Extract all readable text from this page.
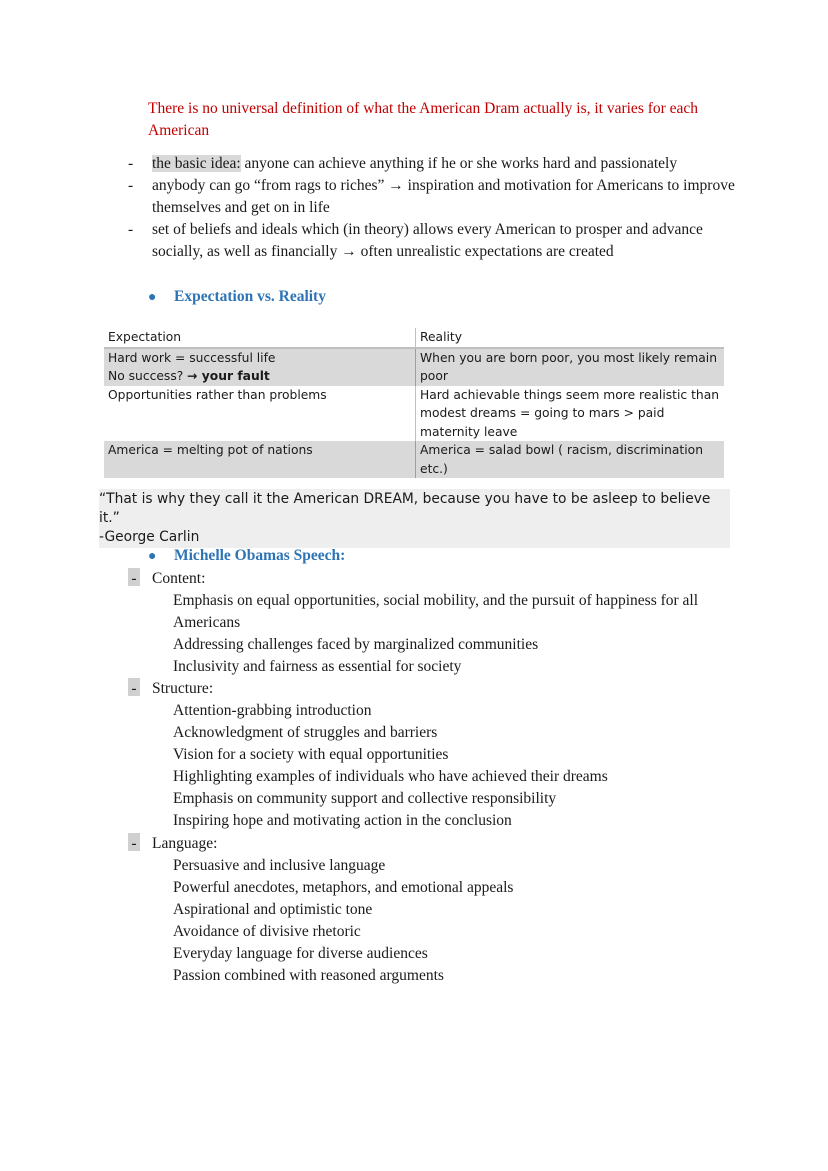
There is no universal definition of what the American Dram actually is, it varies for each American
-	the basic idea: anyone can achieve anything if he or she works hard and passionately
-	anybody can go “from rags to riches” → inspiration and motivation for Americans to improve themselves and get on in life
-	set of beliefs and ideals which (in theory) allows every American to prosper and advance socially, as well as financially → often unrealistic expectations are created
● Expectation vs. Reality
Expectation	Reality

Hard work = successful life
No success? → your fault	When you are born poor, you most likely remain poor
Opportunities rather than problems	Hard achievable things seem more realistic than modest dreams = going to mars > paid maternity leave
America = melting pot of nations	America = salad bowl ( racism, discrimination etc.)
“That is why they call it the American DREAM, because you have to be asleep to believe it.”
-George Carlin
● Michelle Obamas Speech:
- Content:
Emphasis on equal opportunities, social mobility, and the pursuit of happiness for all Americans
Addressing challenges faced by marginalized communities
Inclusivity and fairness as essential for society
- Structure:
Attention-grabbing introduction
Acknowledgment of struggles and barriers
Vision for a society with equal opportunities
Highlighting examples of individuals who have achieved their dreams
Emphasis on community support and collective responsibility
Inspiring hope and motivating action in the conclusion
- Language:
Persuasive and inclusive language
Powerful anecdotes, metaphors, and emotional appeals
Aspirational and optimistic tone
Avoidance of divisive rhetoric
Everyday language for diverse audiences
Passion combined with reasoned arguments
